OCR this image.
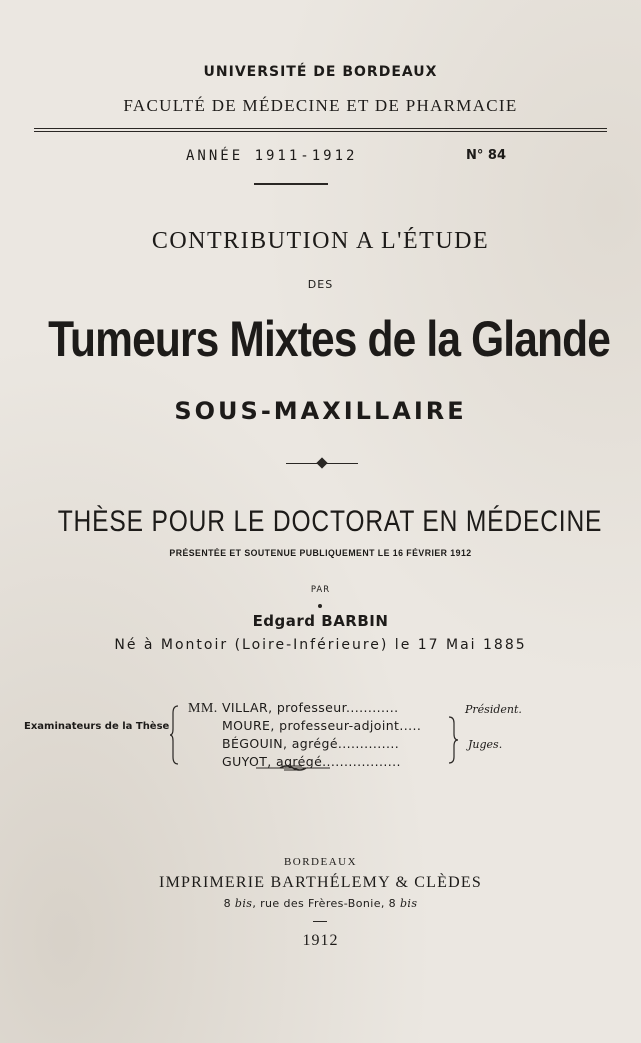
UNIVERSITÉ DE BORDEAUX
FACULTÉ DE MÉDECINE ET DE PHARMACIE
ANNÉE 1911-1912	N° 84
CONTRIBUTION A L'ÉTUDE
DES
Tumeurs Mixtes de la Glande
SOUS-MAXILLAIRE
THÈSE POUR LE DOCTORAT EN MÉDECINE
PRÉSENTÉE ET SOUTENUE PUBLIQUEMENT LE 16 FÉVRIER 1912
PAR
Edgard BARBIN
Né à Montoir (Loire-Inférieure) le 17 Mai 1885
Examinateurs de la Thèse
MM. VILLAR, professeur............
MOURE, professeur-adjoint.....
BÉGOUIN, agrégé..............
GUYOT, agrégé..................
Président.
Juges.
BORDEAUX
IMPRIMERIE BARTHÉLEMY & CLÈDES
8 bis, rue des Frères-Bonie, 8 bis
1912
